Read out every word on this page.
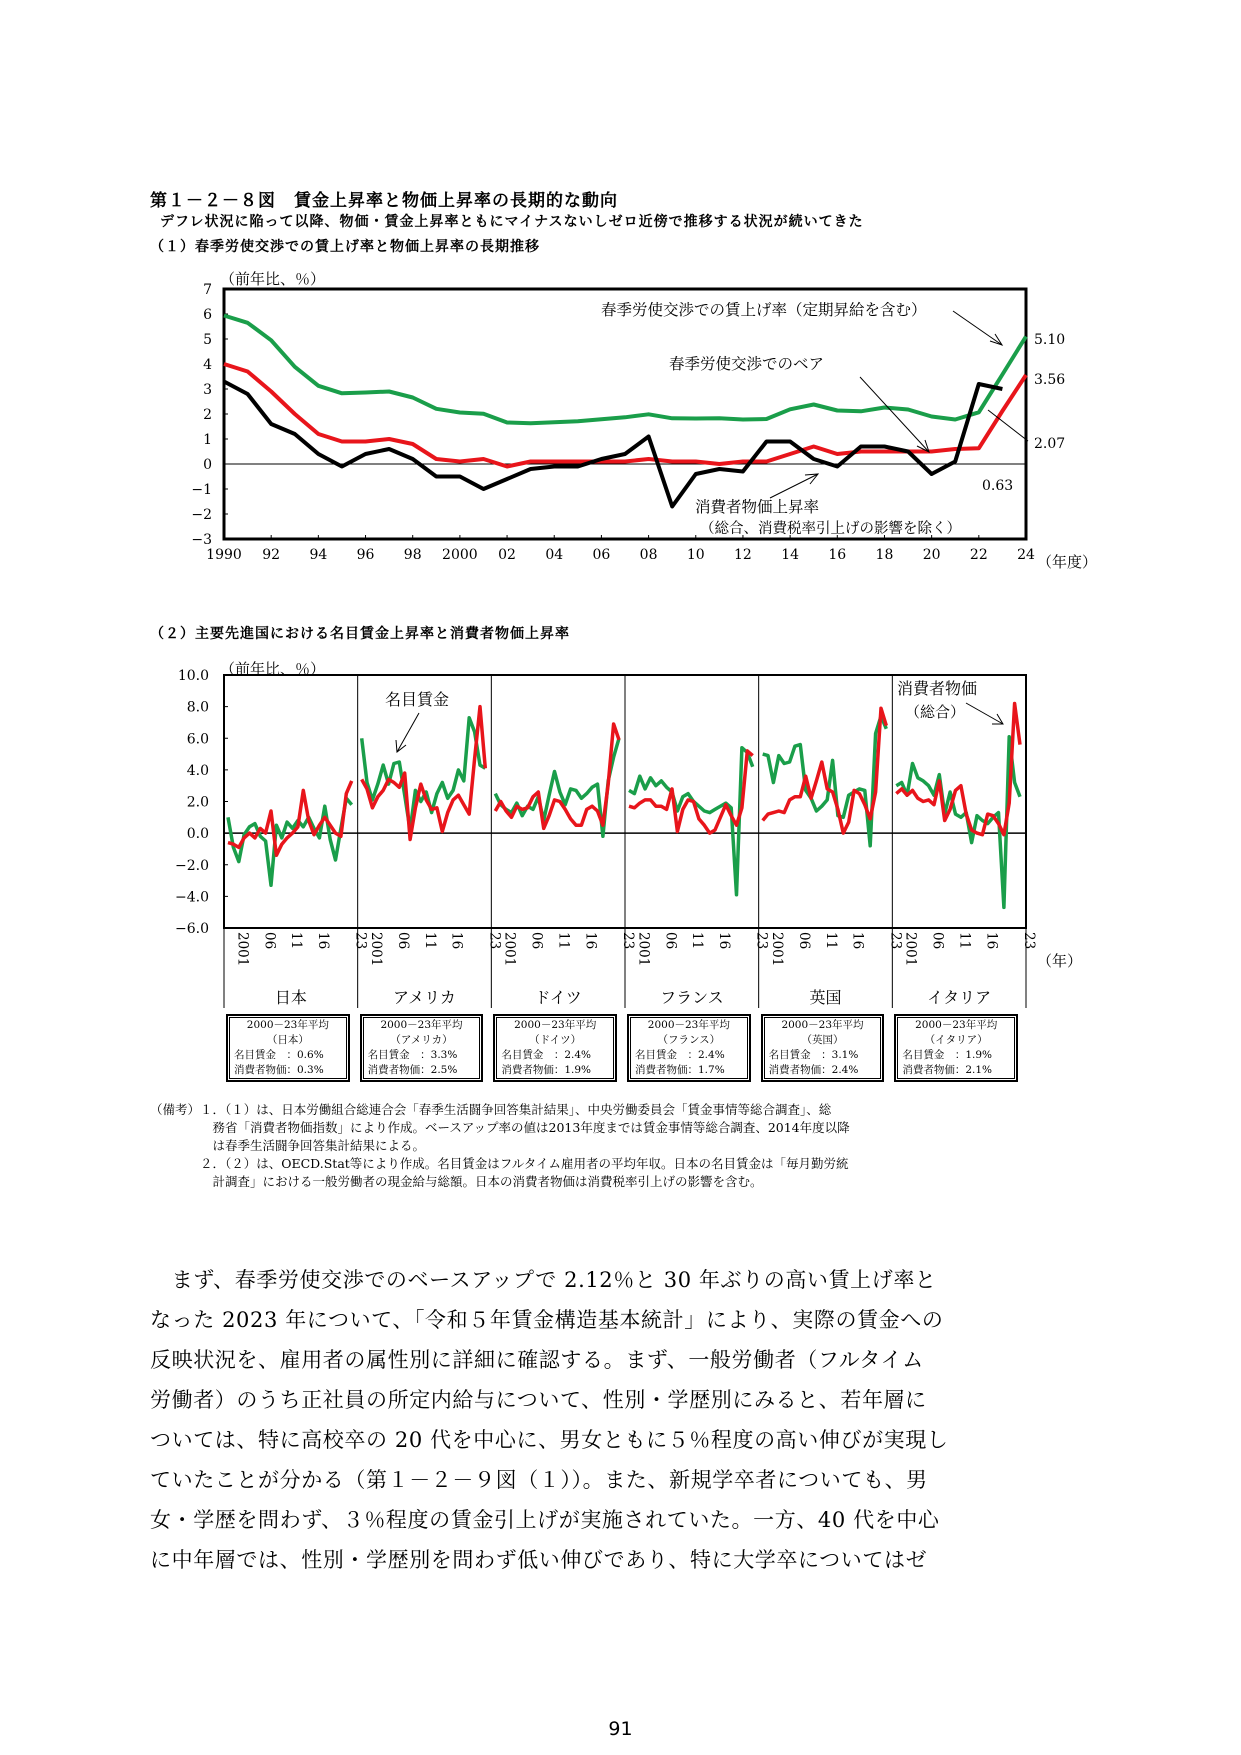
第１－２－８図　賃金上昇率と物価上昇率の長期的な動向
デフレ状況に陥って以降、物価・賃金上昇率ともにマイナスないしゼロ近傍で推移する状況が続いてきた
（１）春季労使交渉での賃上げ率と物価上昇率の長期推移
（２）主要先進国における名目賃金上昇率と消費者物価上昇率
−3
−2
−1
0
1
2
3
4
5
6
7
1990 92 94 96 98 2000 02 04 06 08 10 12 14 16 18 20 22 24
（前年比、％）
（年度）
春季労使交渉での賃上げ率（定期昇給を含む）
春季労使交渉でのベア
消費者物価上昇率
（総合、消費税率引上げの影響を除く）
5.10
3.56
2.07
0.63
−6.0
−4.0
−2.0
0.0
2.0
4.0
6.0
8.0
10.0
2001 06 11 16 23 2001 06 11 16 23 2001 06 11 16 23 2001 06 11 16 23 2001 06 11 16 23 2001 06 11 16 23
（前年比、％）
（年）
名目賃金
消費者物価
（総合）
日本
2000－23年平均
（日本）
名目賃金　：0.6%
消費者物価：0.3%
アメリカ
2000－23年平均
（アメリカ）
名目賃金　：3.3%
消費者物価：2.5%
ドイツ
2000－23年平均
（ドイツ）
名目賃金　：2.4%
消費者物価：1.9%
フランス
2000－23年平均
（フランス）
名目賃金　：2.4%
消費者物価：1.7%
英国
2000－23年平均
（英国）
名目賃金　：3.1%
消費者物価：2.4%
イタリア
2000－23年平均
（イタリア）
名目賃金　：1.9%
消費者物価：2.1%
（備考）１．（１）は、日本労働組合総連合会「春季生活闘争回答集計結果」、中央労働委員会「賃金事情等総合調査」、総
　　　　　務省「消費者物価指数」により作成。ベースアップ率の値は2013年度までは賃金事情等総合調査、2014年度以降
　　　　　は春季生活闘争回答集計結果による。
　　　　２．（２）は、OECD.Stat等により作成。名目賃金はフルタイム雇用者の平均年収。日本の名目賃金は「毎月勤労統
　　　　　計調査」における一般労働者の現金給与総額。日本の消費者物価は消費税率引上げの影響を含む。
　まず、春季労使交渉でのベースアップで 2.12％と 30 年ぶりの高い賃上げ率と
なった 2023 年について、「令和５年賃金構造基本統計」により、実際の賃金への
反映状況を、雇用者の属性別に詳細に確認する。まず、一般労働者（フルタイム
労働者）のうち正社員の所定内給与について、性別・学歴別にみると、若年層に
ついては、特に高校卒の 20 代を中心に、男女ともに５％程度の高い伸びが実現し
ていたことが分かる（第１－２－９図（１））。また、新規学卒者についても、男
女・学歴を問わず、３％程度の賃金引上げが実施されていた。一方、40 代を中心
に中年層では、性別・学歴別を問わず低い伸びであり、特に大学卒についてはゼ
91
